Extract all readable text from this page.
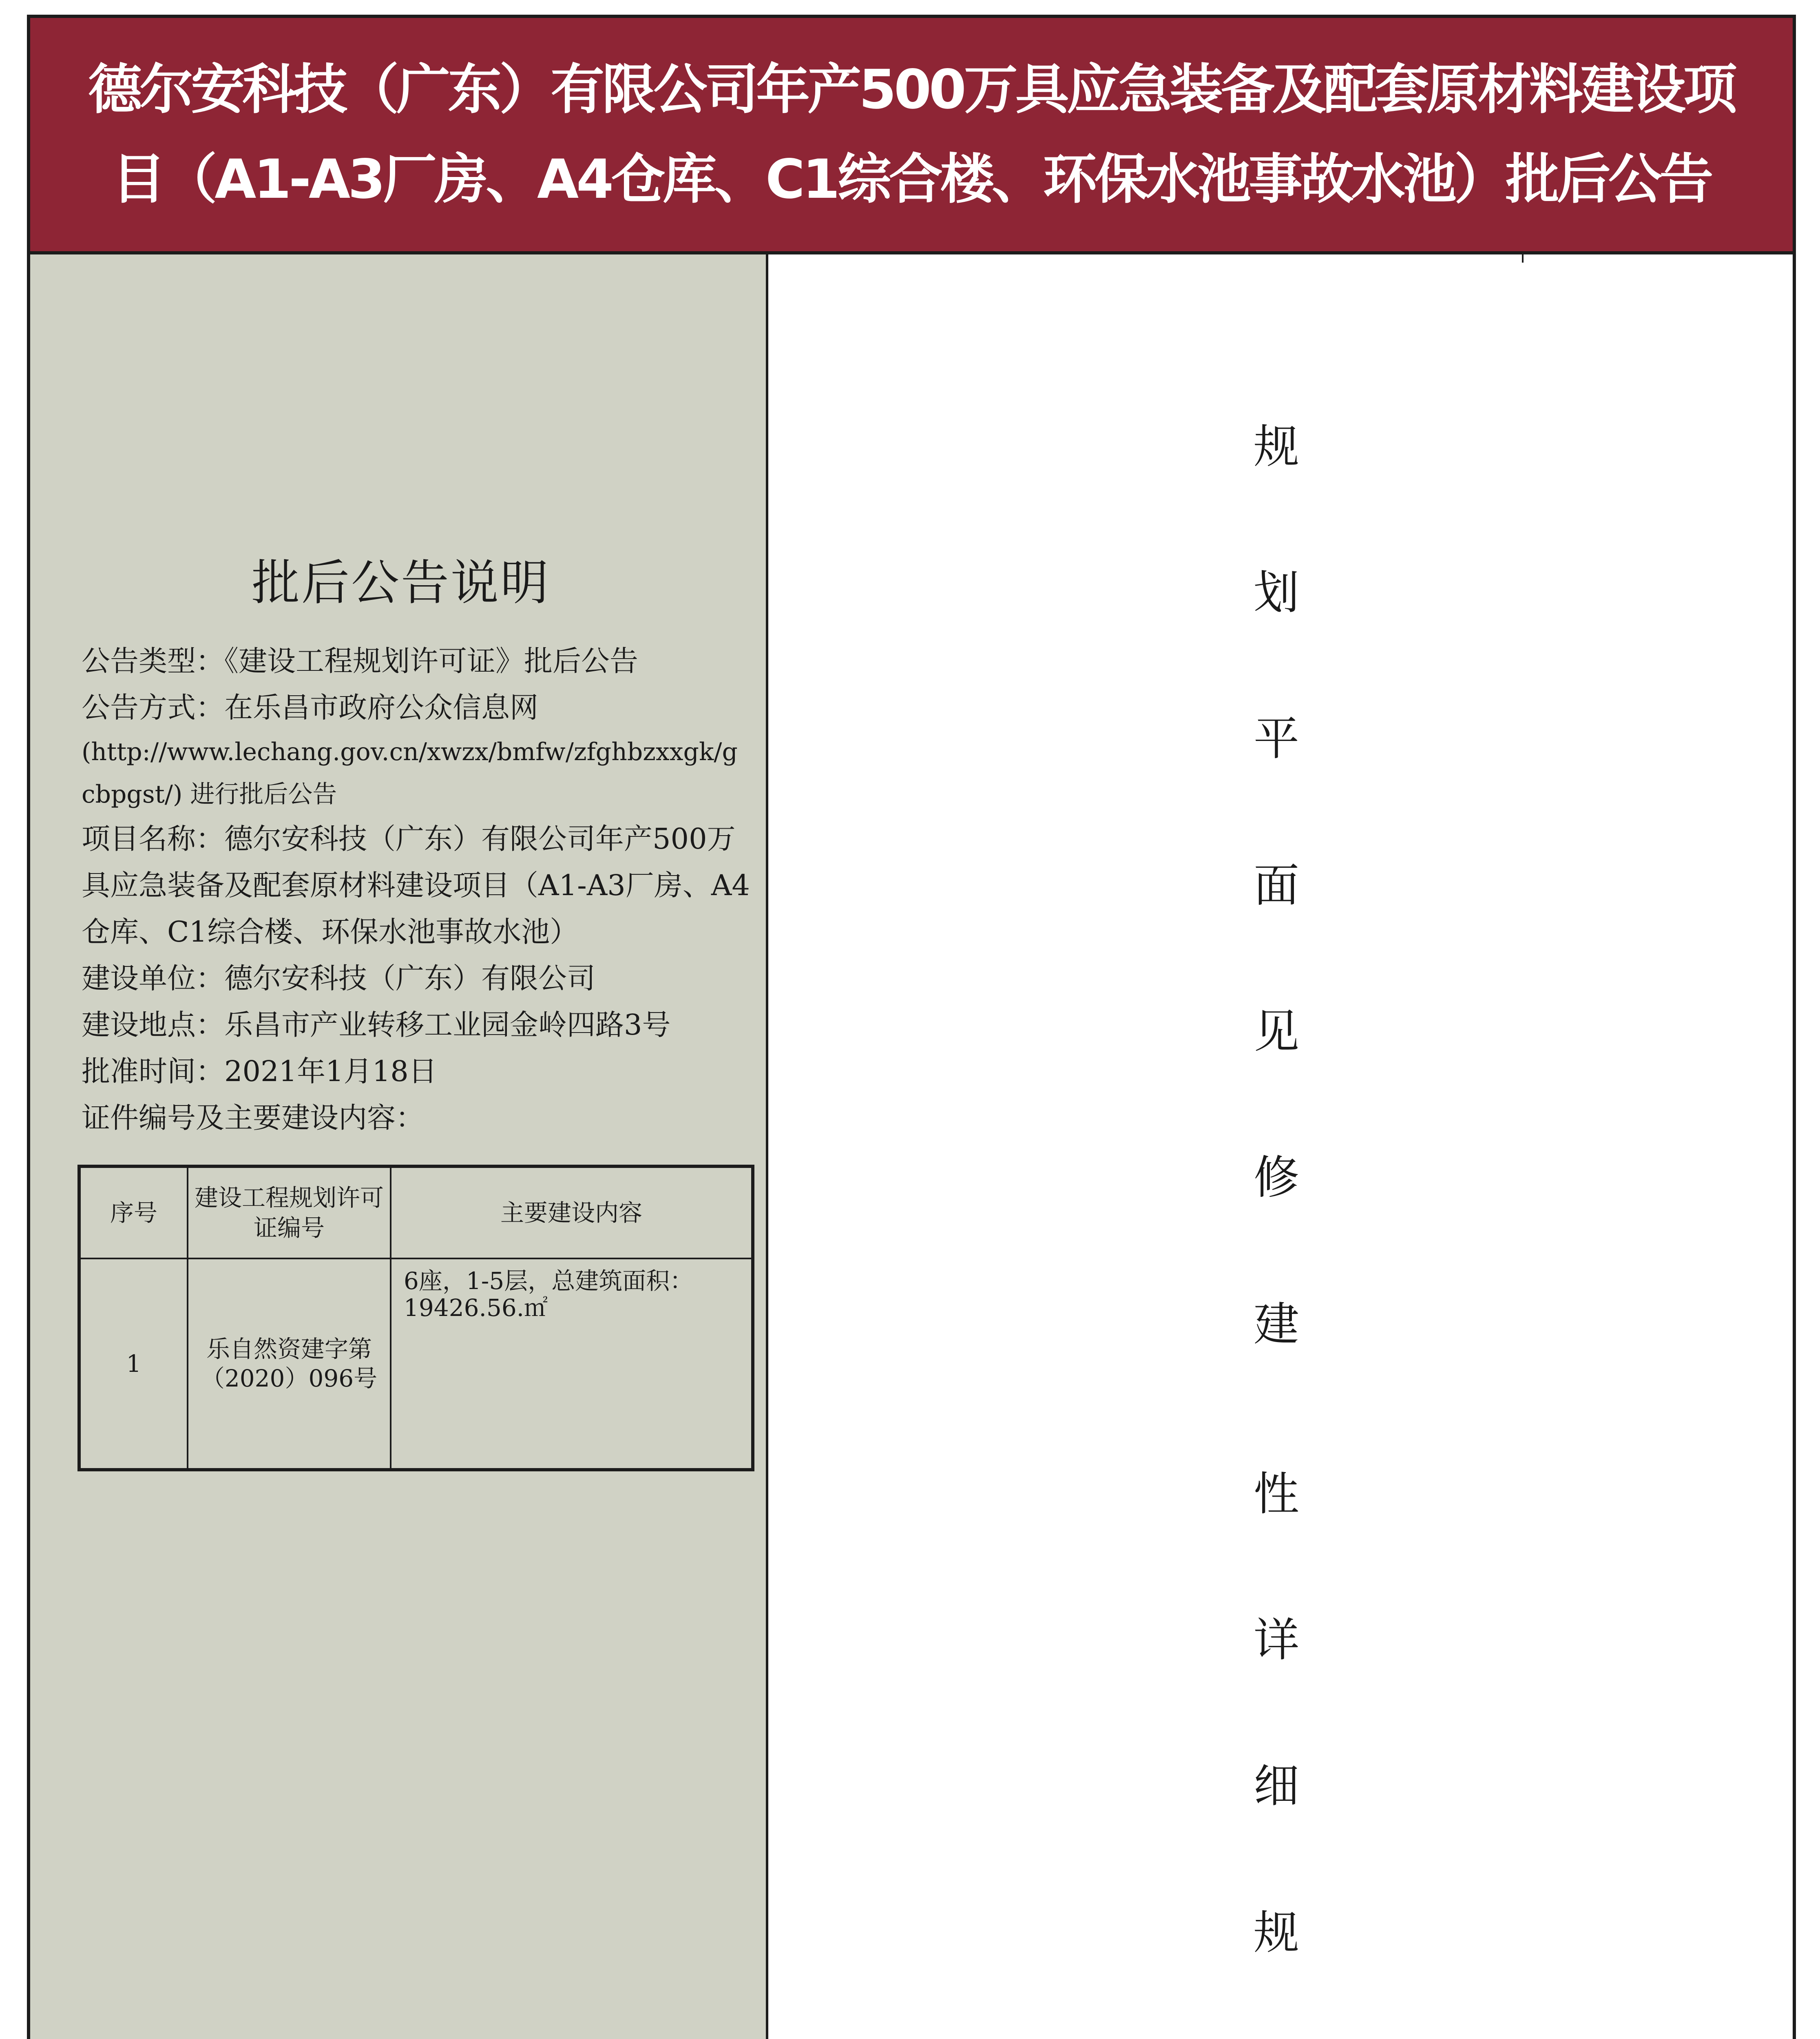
德尔安科技（广东）有限公司年产500万具应急装备及配套原材料建设项
目（A1-A3厂房、A4仓库、C1综合楼、环保水池事故水池）批后公告
批后公告说明

公告类型：《建设工程规划许可证》批后公告

公告方式：在乐昌市政府公众信息网

(http://www.lechang.gov.cn/xwzx/bmfw/zfghbzxxgk/gcbpgst/) 进行批后公告

项目名称：德尔安科技（广东）有限公司年产500万具应急装备及配套原材料建设项目（A1-A3厂房、A4仓库、C1综合楼、环保水池事故水池）

建设单位：德尔安科技（广东）有限公司

建设地点：乐昌市产业转移工业园金岭四路3号

批准时间：2021年1月18日

证件编号及主要建设内容：

序号	建设工程规划许可证编号	主要建设内容
1	乐自然资建字第（2020）096号	6座，1-5层，总建筑面积：19426.56.㎡
规
划
平
面
见
修
建
性
详
细
规
